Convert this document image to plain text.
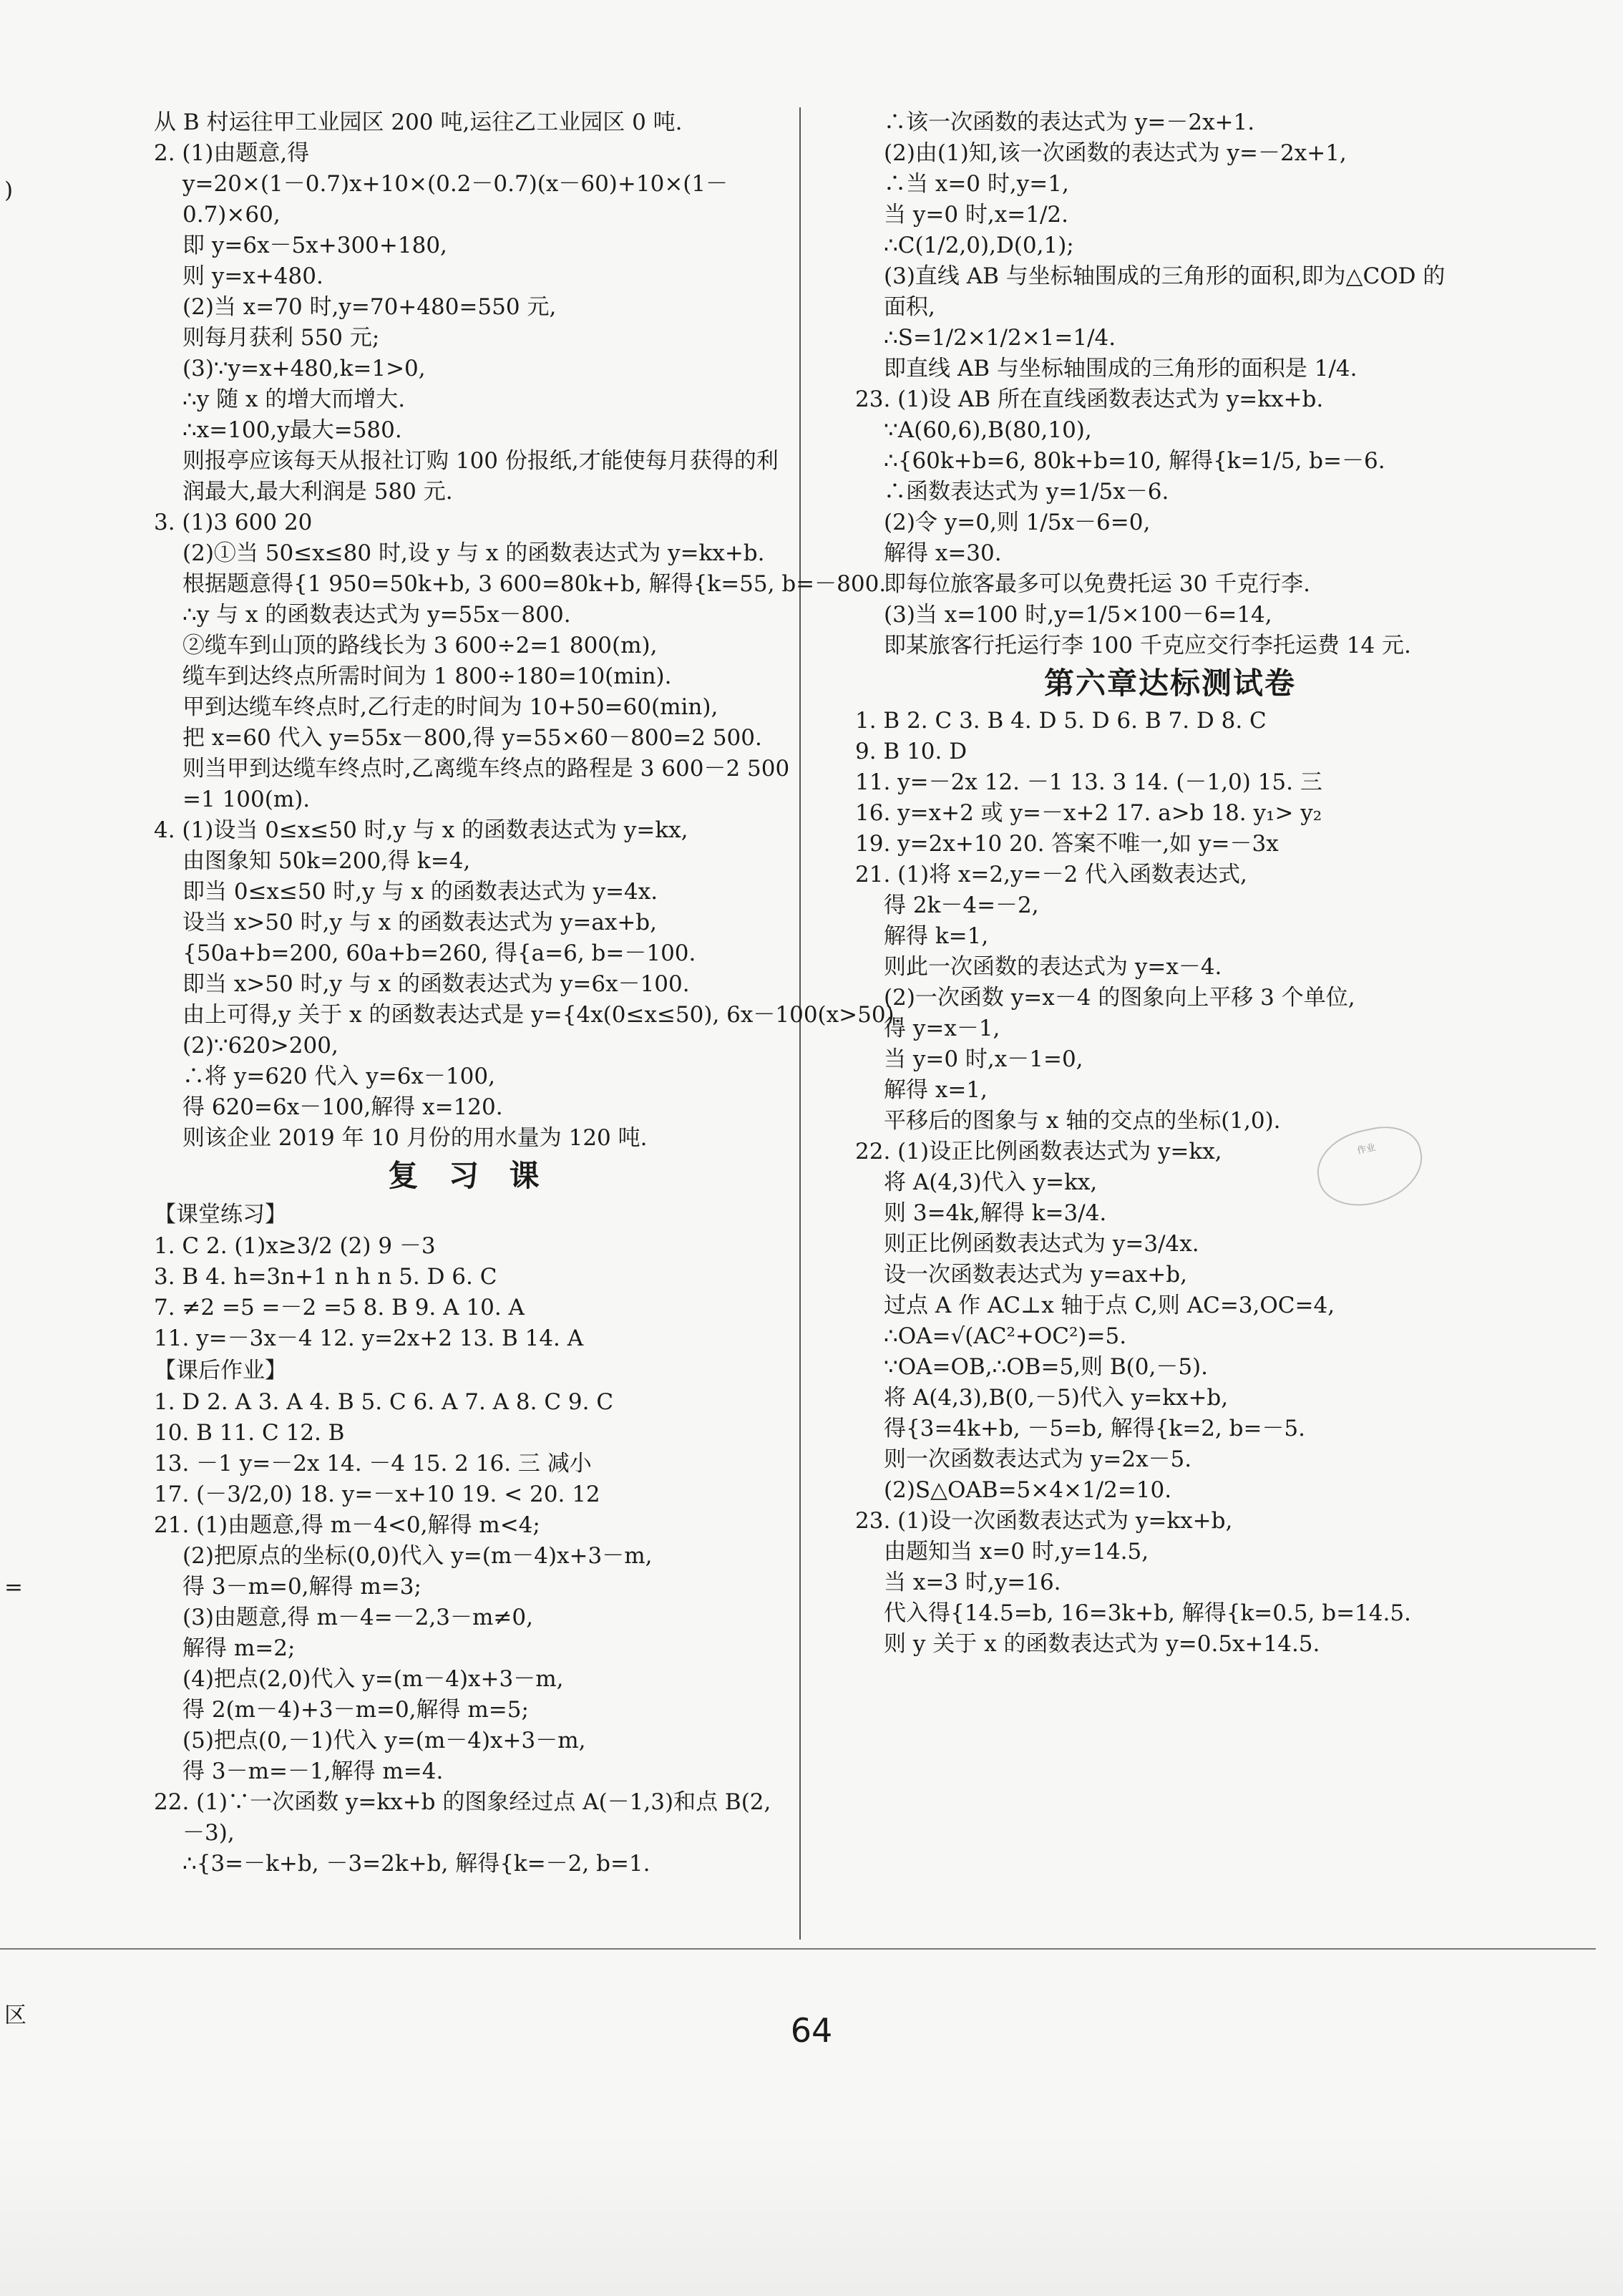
)
=
区
从 B 村运往甲工业园区 200 吨,运往乙工业园区 0 吨.
2. (1)由题意,得
y=20×(1－0.7)x+10×(0.2－0.7)(x－60)+10×(1－
0.7)×60,
即 y=6x－5x+300+180,
则 y=x+480.
(2)当 x=70 时,y=70+480=550 元,
则每月获利 550 元;
(3)∵y=x+480,k=1>0,
∴y 随 x 的增大而增大.
∴x=100,y最大=580.
则报亭应该每天从报社订购 100 份报纸,才能使每月获得的利
润最大,最大利润是 580 元.
3. (1)3 600 20
(2)①当 50≤x≤80 时,设 y 与 x 的函数表达式为 y=kx+b.
根据题意得{1 950=50k+b, 3 600=80k+b, 解得{k=55, b=－800.
∴y 与 x 的函数表达式为 y=55x－800.
②缆车到山顶的路线长为 3 600÷2=1 800(m),
缆车到达终点所需时间为 1 800÷180=10(min).
甲到达缆车终点时,乙行走的时间为 10+50=60(min),
把 x=60 代入 y=55x－800,得 y=55×60－800=2 500.
则当甲到达缆车终点时,乙离缆车终点的路程是 3 600－2 500
=1 100(m).
4. (1)设当 0≤x≤50 时,y 与 x 的函数表达式为 y=kx,
由图象知 50k=200,得 k=4,
即当 0≤x≤50 时,y 与 x 的函数表达式为 y=4x.
设当 x>50 时,y 与 x 的函数表达式为 y=ax+b,
{50a+b=200, 60a+b=260, 得{a=6, b=－100.
即当 x>50 时,y 与 x 的函数表达式为 y=6x－100.
由上可得,y 关于 x 的函数表达式是 y={4x(0≤x≤50), 6x－100(x>50).
(2)∵620>200,
∴将 y=620 代入 y=6x－100,
得 620=6x－100,解得 x=120.
则该企业 2019 年 10 月份的用水量为 120 吨.
复 习 课
【课堂练习】
1. C 2. (1)x≥3/2 (2) 9 －3
3. B 4. h=3n+1 n h n 5. D 6. C
7. ≠2 =5 =－2 =5 8. B 9. A 10. A
11. y=－3x－4 12. y=2x+2 13. B 14. A
【课后作业】
1. D 2. A 3. A 4. B 5. C 6. A 7. A 8. C 9. C
10. B 11. C 12. B
13. －1 y=－2x 14. －4 15. 2 16. 三 减小
17. (－3/2,0) 18. y=－x+10 19. < 20. 12
21. (1)由题意,得 m－4<0,解得 m<4;
(2)把原点的坐标(0,0)代入 y=(m－4)x+3－m,
得 3－m=0,解得 m=3;
(3)由题意,得 m－4=－2,3－m≠0,
解得 m=2;
(4)把点(2,0)代入 y=(m－4)x+3－m,
得 2(m－4)+3－m=0,解得 m=5;
(5)把点(0,－1)代入 y=(m－4)x+3－m,
得 3－m=－1,解得 m=4.
22. (1)∵一次函数 y=kx+b 的图象经过点 A(－1,3)和点 B(2,
－3),
∴{3=－k+b, －3=2k+b, 解得{k=－2, b=1.
∴该一次函数的表达式为 y=－2x+1.
(2)由(1)知,该一次函数的表达式为 y=－2x+1,
∴当 x=0 时,y=1,
当 y=0 时,x=1/2.
∴C(1/2,0),D(0,1);
(3)直线 AB 与坐标轴围成的三角形的面积,即为△COD 的
面积,
∴S=1/2×1/2×1=1/4.
即直线 AB 与坐标轴围成的三角形的面积是 1/4.
23. (1)设 AB 所在直线函数表达式为 y=kx+b.
∵A(60,6),B(80,10),
∴{60k+b=6, 80k+b=10, 解得{k=1/5, b=－6.
∴函数表达式为 y=1/5x－6.
(2)令 y=0,则 1/5x－6=0,
解得 x=30.
即每位旅客最多可以免费托运 30 千克行李.
(3)当 x=100 时,y=1/5×100－6=14,
即某旅客行托运行李 100 千克应交行李托运费 14 元.
第六章达标测试卷
1. B 2. C 3. B 4. D 5. D 6. B 7. D 8. C
9. B 10. D
11. y=－2x 12. －1 13. 3 14. (－1,0) 15. 三
16. y=x+2 或 y=－x+2 17. a>b 18. y₁> y₂
19. y=2x+10 20. 答案不唯一,如 y=－3x
21. (1)将 x=2,y=－2 代入函数表达式,
得 2k－4=－2,
解得 k=1,
则此一次函数的表达式为 y=x－4.
(2)一次函数 y=x－4 的图象向上平移 3 个单位,
得 y=x－1,
当 y=0 时,x－1=0,
解得 x=1,
平移后的图象与 x 轴的交点的坐标(1,0).
22. (1)设正比例函数表达式为 y=kx,
将 A(4,3)代入 y=kx,
则 3=4k,解得 k=3/4.
则正比例函数表达式为 y=3/4x.
设一次函数表达式为 y=ax+b,
过点 A 作 AC⊥x 轴于点 C,则 AC=3,OC=4,
∴OA=√(AC²+OC²)=5.
∵OA=OB,∴OB=5,则 B(0,－5).
将 A(4,3),B(0,－5)代入 y=kx+b,
得{3=4k+b, －5=b, 解得{k=2, b=－5.
则一次函数表达式为 y=2x－5.
(2)S△OAB=5×4×1/2=10.
23. (1)设一次函数表达式为 y=kx+b,
由题知当 x=0 时,y=14.5,
当 x=3 时,y=16.
代入得{14.5=b, 16=3k+b, 解得{k=0.5, b=14.5.
则 y 关于 x 的函数表达式为 y=0.5x+14.5.
作业
64
